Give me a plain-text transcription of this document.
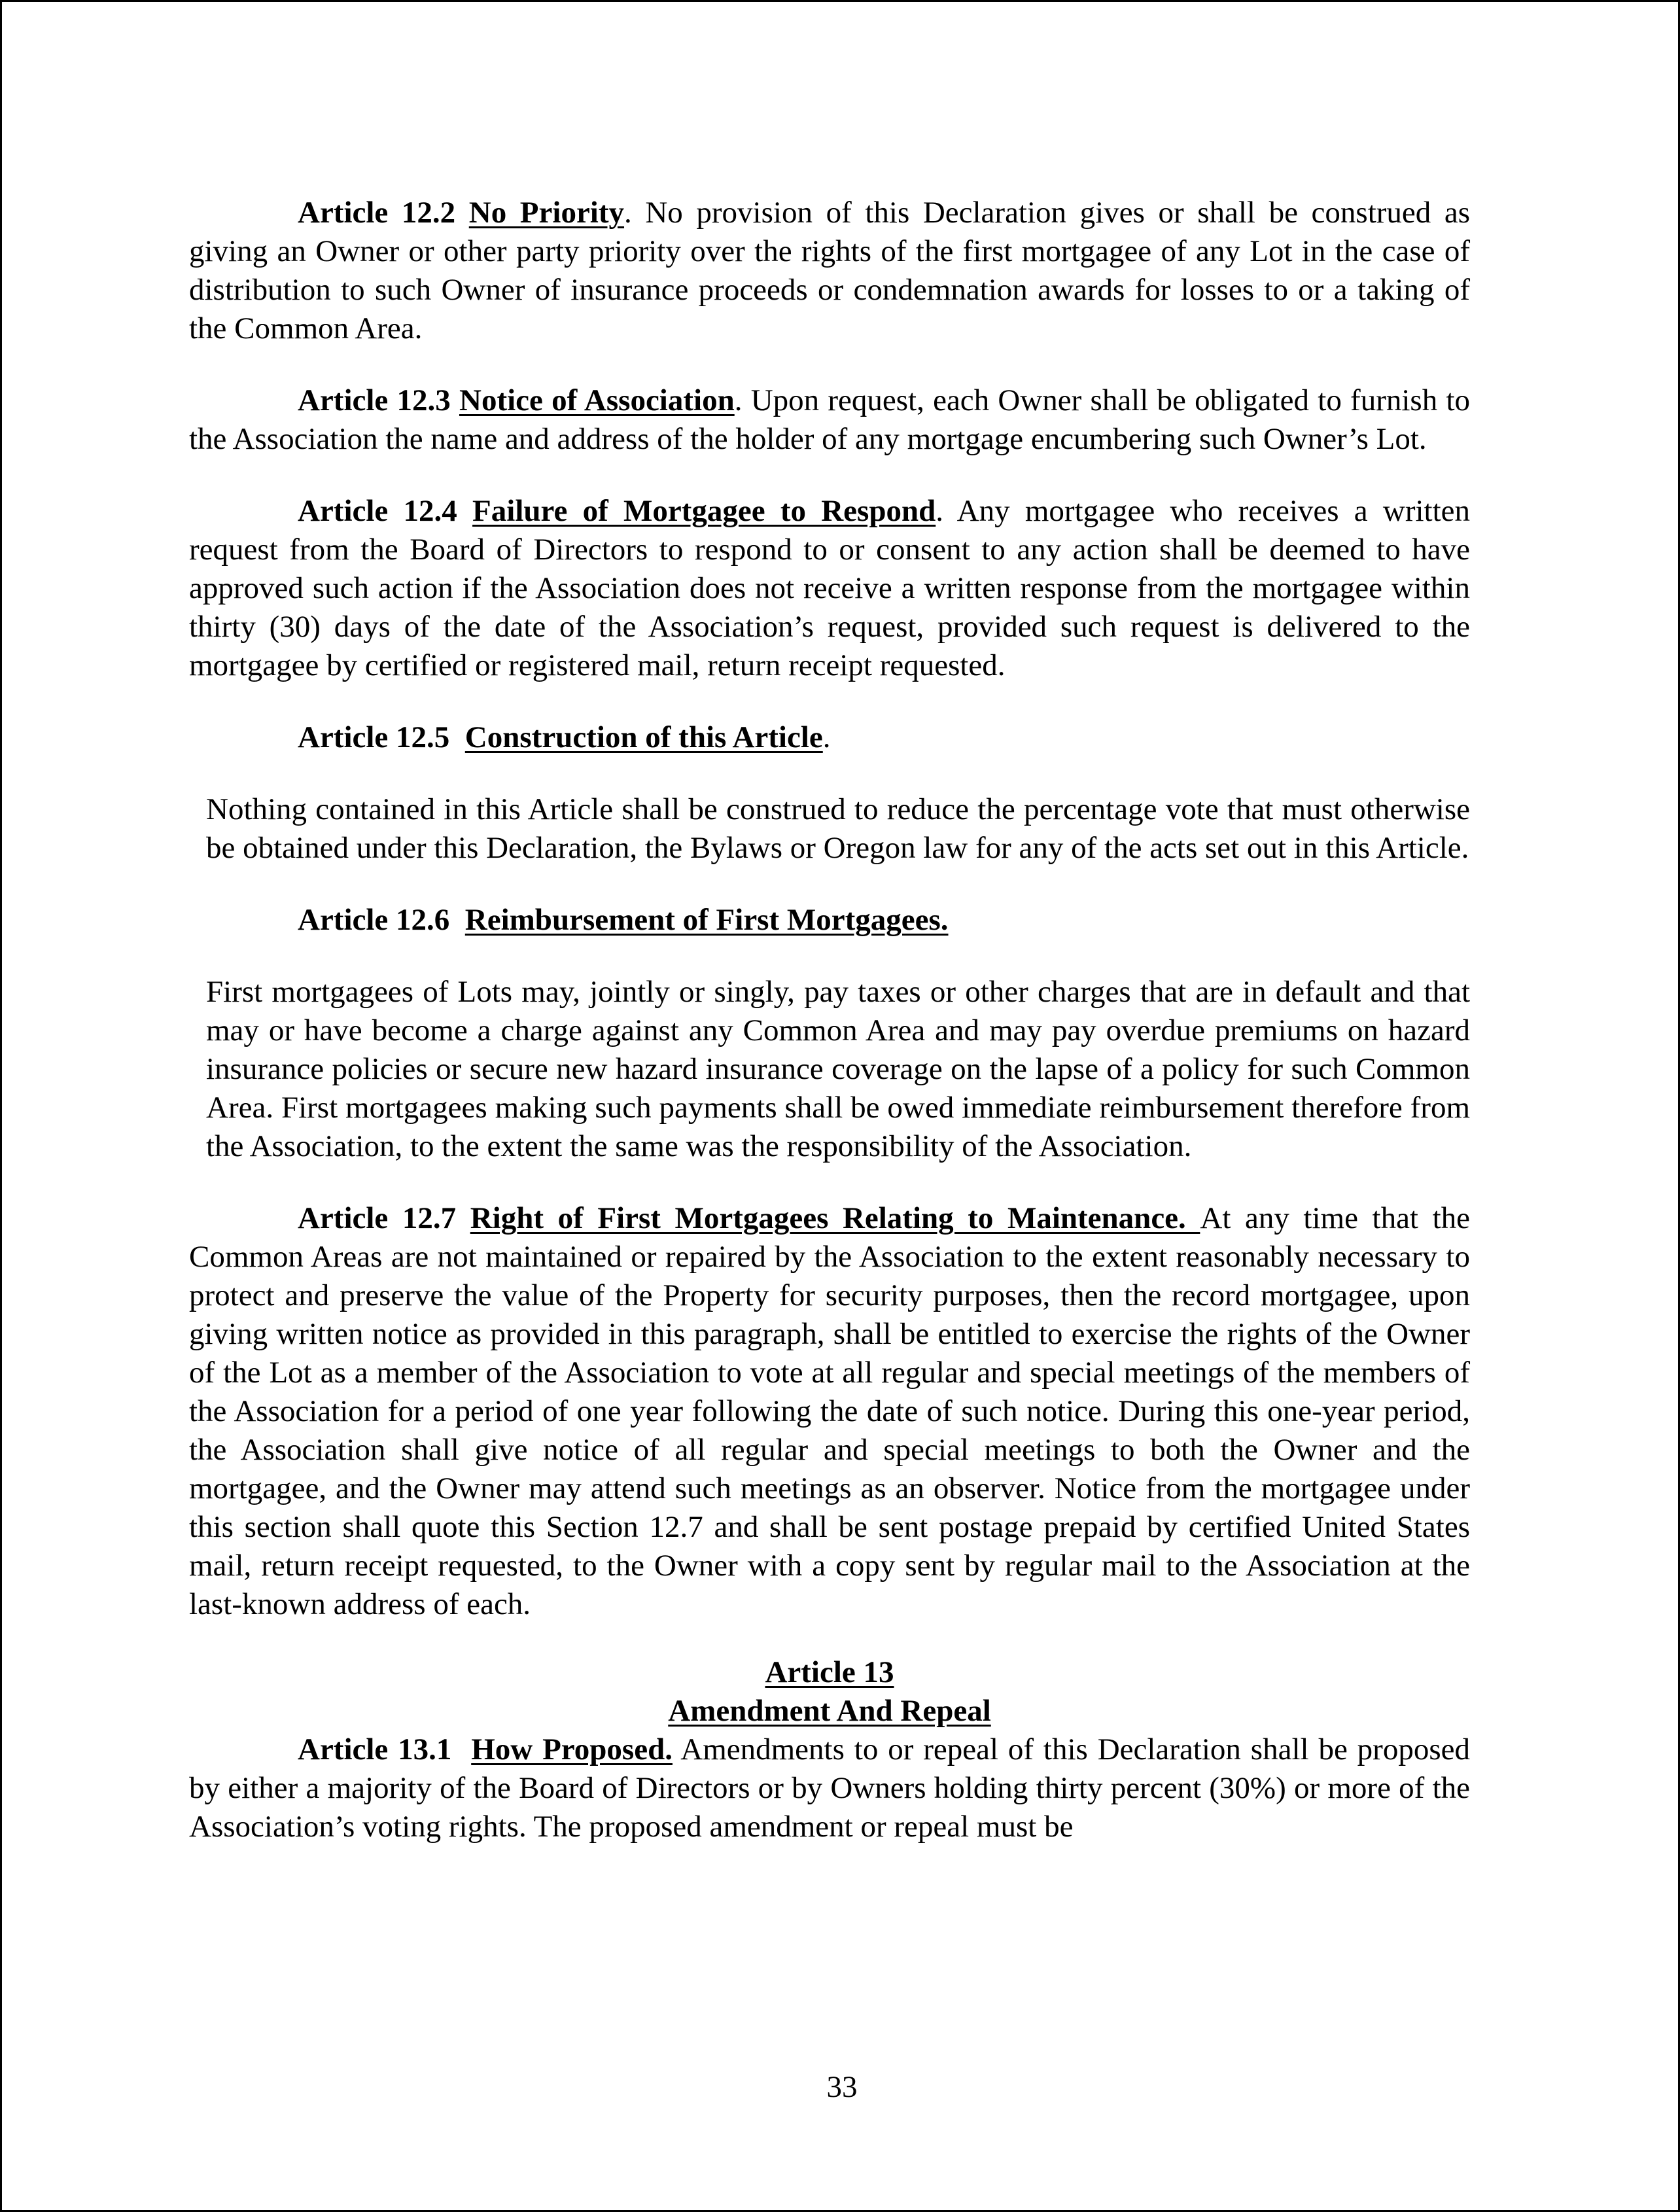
Article 12.2 No Priority. No provision of this Declaration gives or shall be construed as giving an Owner or other party priority over the rights of the first mortgagee of any Lot in the case of distribution to such Owner of insurance proceeds or condemnation awards for losses to or a taking of the Common Area.

Article 12.3 Notice of Association. Upon request, each Owner shall be obligated to furnish to the Association the name and address of the holder of any mortgage encumbering such Owner’s Lot.

Article 12.4 Failure of Mortgagee to Respond. Any mortgagee who receives a written request from the Board of Directors to respond to or consent to any action shall be deemed to have approved such action if the Association does not receive a written response from the mortgagee within thirty (30) days of the date of the Association’s request, provided such request is delivered to the mortgagee by certified or registered mail, return receipt requested.

Article 12.5 Construction of this Article.

Nothing contained in this Article shall be construed to reduce the percentage vote that must otherwise be obtained under this Declaration, the Bylaws or Oregon law for any of the acts set out in this Article.

Article 12.6 Reimbursement of First Mortgagees.

First mortgagees of Lots may, jointly or singly, pay taxes or other charges that are in default and that may or have become a charge against any Common Area and may pay overdue premiums on hazard insurance policies or secure new hazard insurance coverage on the lapse of a policy for such Common Area. First mortgagees making such payments shall be owed immediate reimbursement therefore from the Association, to the extent the same was the responsibility of the Association.

Article 12.7 Right of First Mortgagees Relating to Maintenance. At any time that the Common Areas are not maintained or repaired by the Association to the extent reasonably necessary to protect and preserve the value of the Property for security purposes, then the record mortgagee, upon giving written notice as provided in this paragraph, shall be entitled to exercise the rights of the Owner of the Lot as a member of the Association to vote at all regular and special meetings of the members of the Association for a period of one year following the date of such notice. During this one-year period, the Association shall give notice of all regular and special meetings to both the Owner and the mortgagee, and the Owner may attend such meetings as an observer. Notice from the mortgagee under this section shall quote this Section 12.7 and shall be sent postage prepaid by certified United States mail, return receipt requested, to the Owner with a copy sent by regular mail to the Association at the last-known address of each.

Article 13

Amendment And Repeal

Article 13.1 How Proposed. Amendments to or repeal of this Declaration shall be proposed by either a majority of the Board of Directors or by Owners holding thirty percent (30%) or more of the Association’s voting rights. The proposed amendment or repeal must be

33
